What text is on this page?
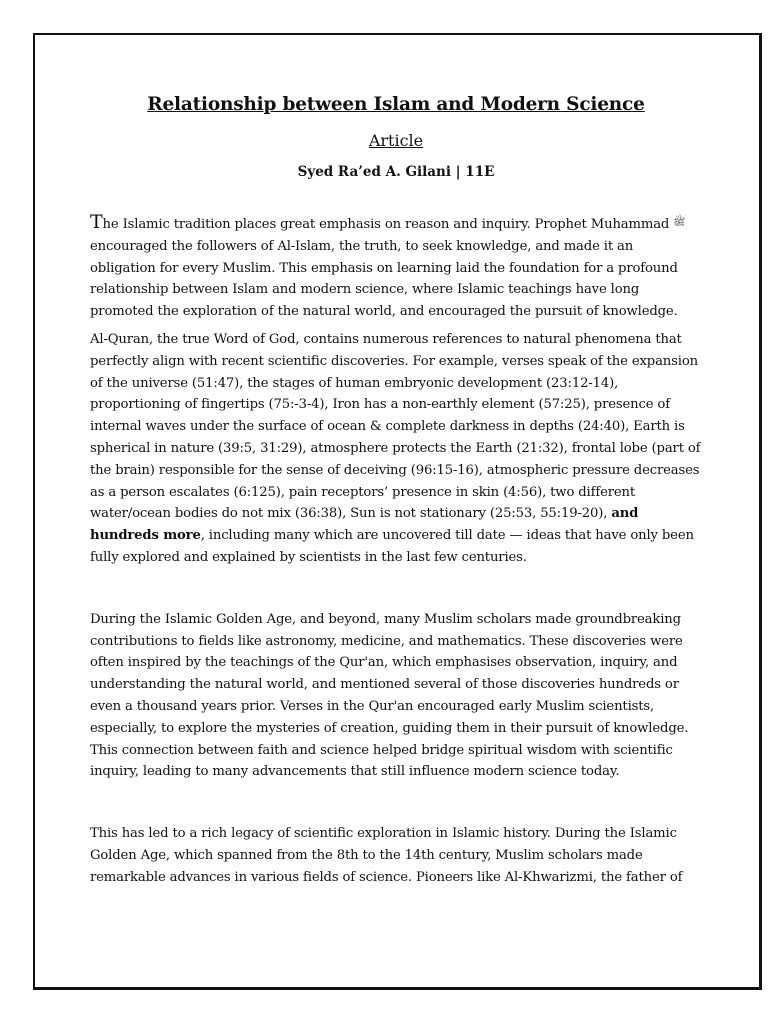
Relationship between Islam and Modern Science

Article

Syed Ra’ed A. Gilani | 11E

The Islamic tradition places great emphasis on reason and inquiry. Prophet Muhammad $^ﷺ$ encouraged the followers of Al-Islam, the truth, to seek knowledge, and made it an obligation for every Muslim. This emphasis on learning laid the foundation for a profound relationship between Islam and modern science, where Islamic teachings have long promoted the exploration of the natural world, and encouraged the pursuit of knowledge.

Al-Quran, the true Word of God, contains numerous references to natural phenomena that perfectly align with recent scientific discoveries. For example, verses speak of the expansion of the universe (51:47), the stages of human embryonic development (23:12-14), proportioning of fingertips (75:-3-4), Iron has a non-earthly element (57:25), presence of internal waves under the surface of ocean & complete darkness in depths (24:40), Earth is spherical in nature (39:5, 31:29), atmosphere protects the Earth (21:32), frontal lobe (part of the brain) responsible for the sense of deceiving (96:15-16), atmospheric pressure decreases as a person escalates (6:125), pain receptors’ presence in skin (4:56), two different water/ocean bodies do not mix (36:38), Sun is not stationary (25:53, 55:19-20), and hundreds more, including many which are uncovered till date — ideas that have only been fully explored and explained by scientists in the last few centuries.

During the Islamic Golden Age, and beyond, many Muslim scholars made groundbreaking contributions to fields like astronomy, medicine, and mathematics. These discoveries were often inspired by the teachings of the Qur'an, which emphasises observation, inquiry, and understanding the natural world, and mentioned several of those discoveries hundreds or even a thousand years prior. Verses in the Qur'an encouraged early Muslim scientists, especially, to explore the mysteries of creation, guiding them in their pursuit of knowledge. This connection between faith and science helped bridge spiritual wisdom with scientific inquiry, leading to many advancements that still influence modern science today.

This has led to a rich legacy of scientific exploration in Islamic history. During the Islamic Golden Age, which spanned from the 8th to the 14th century, Muslim scholars made remarkable advances in various fields of science. Pioneers like Al-Khwarizmi, the father of
